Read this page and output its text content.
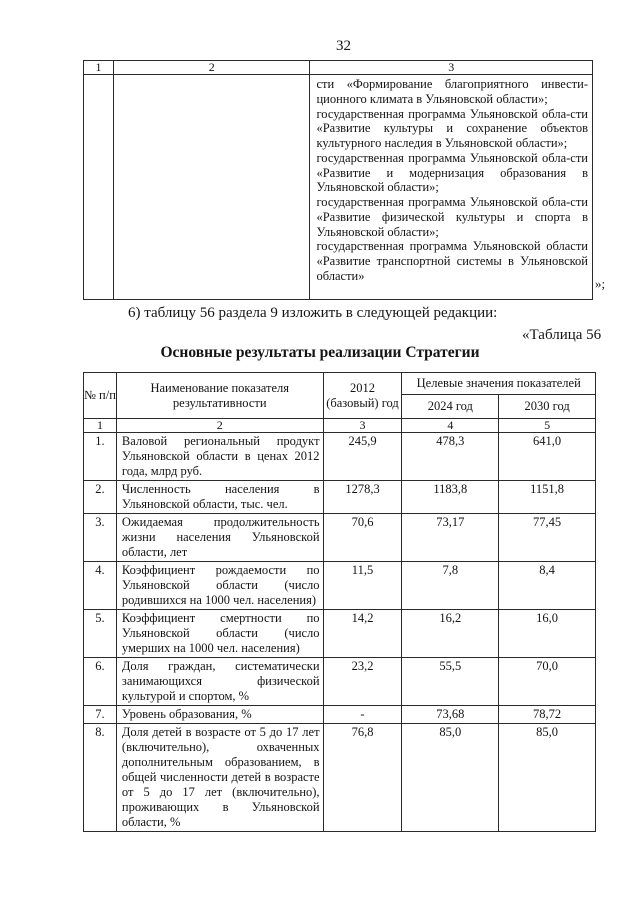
32
1	2	3

		сти «Формирование благоприятного инвести-ционного климата в Ульяновской области»;
государственная программа Ульяновской обла-сти «Развитие культуры и сохранение объектов культурного наследия в Ульяновской области»;
государственная программа Ульяновской обла-сти «Развитие и модернизация образования в Ульяновской области»;
государственная программа Ульяновской обла-сти «Развитие физической культуры и спорта в Ульяновской области»;
государственная программа Ульяновской области «Развитие транспортной системы в Ульяновской области»
»;
6) таблицу 56 раздела 9 изложить в следующей редакции:
«Таблица 56
Основные результаты реализации Стратегии
№ п/п	Наименование показателя результативности	2012 (базовый) год	Целевые значения показателей	
			2024 год	2030 год
1	2	3	4	5
1.	Валовой региональный продукт Ульяновской области в ценах 2012 года, млрд руб.	245,9	478,3	641,0
2.	Численность населения в Ульяновской области, тыс. чел.	1278,3	1183,8	1151,8
3.	Ожидаемая продолжительность жизни населения Ульяновской области, лет	70,6	73,17	77,45
4.	Коэффициент рождаемости по Ульяновской области (число родившихся на 1000 чел. населения)	11,5	7,8	8,4
5.	Коэффициент смертности по Ульяновской области (число умерших на 1000 чел. населения)	14,2	16,2	16,0
6.	Доля граждан, систематически занимающихся физической культурой и спортом, %	23,2	55,5	70,0
7.	Уровень образования, %	-	73,68	78,72
8.	Доля детей в возрасте от 5 до 17 лет (включительно), охваченных дополнительным образованием, в общей численности детей в возрасте от 5 до 17 лет (включительно), проживающих в Ульяновской области, %	76,8	85,0	85,0
